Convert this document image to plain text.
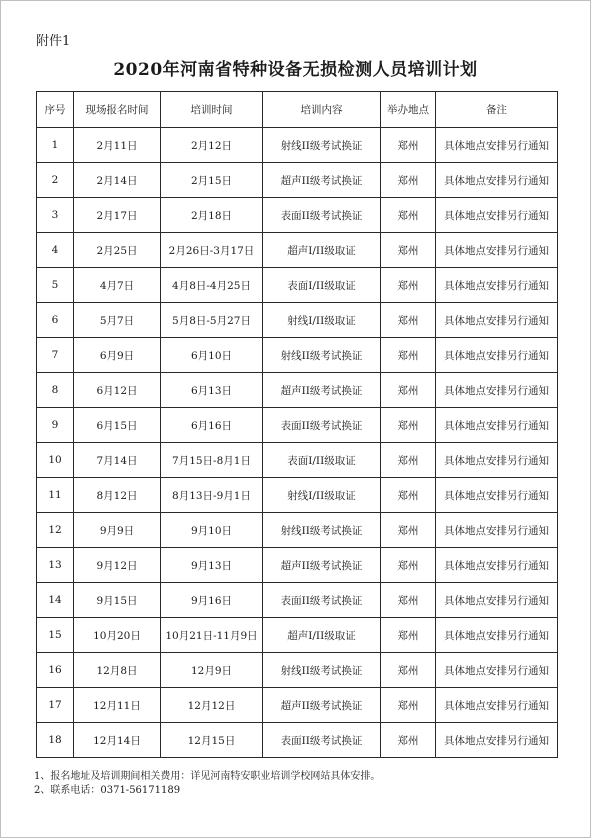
附件1
2020年河南省特种设备无损检测人员培训计划
序号	现场报名时间	培训时间	培训内容	举办地点	备注
1	2月11日	2月12日	射线II级考试换证	郑州	具体地点安排另行通知
2	2月14日	2月15日	超声II级考试换证	郑州	具体地点安排另行通知
3	2月17日	2月18日	表面II级考试换证	郑州	具体地点安排另行通知
4	2月25日	2月26日-3月17日	超声I/II级取证	郑州	具体地点安排另行通知
5	4月7日	4月8日-4月25日	表面I/II级取证	郑州	具体地点安排另行通知
6	5月7日	5月8日-5月27日	射线I/II级取证	郑州	具体地点安排另行通知
7	6月9日	6月10日	射线II级考试换证	郑州	具体地点安排另行通知
8	6月12日	6月13日	超声II级考试换证	郑州	具体地点安排另行通知
9	6月15日	6月16日	表面II级考试换证	郑州	具体地点安排另行通知
10	7月14日	7月15日-8月1日	表面I/II级取证	郑州	具体地点安排另行通知
11	8月12日	8月13日-9月1日	射线I/II级取证	郑州	具体地点安排另行通知
12	9月9日	9月10日	射线II级考试换证	郑州	具体地点安排另行通知
13	9月12日	9月13日	超声II级考试换证	郑州	具体地点安排另行通知
14	9月15日	9月16日	表面II级考试换证	郑州	具体地点安排另行通知
15	10月20日	10月21日-11月9日	超声I/II级取证	郑州	具体地点安排另行通知
16	12月8日	12月9日	射线II级考试换证	郑州	具体地点安排另行通知
17	12月11日	12月12日	超声II级考试换证	郑州	具体地点安排另行通知
18	12月14日	12月15日	表面II级考试换证	郑州	具体地点安排另行通知
1、报名地址及培训期间相关费用：详见河南特安职业培训学校网站具体安排。
2、联系电话：0371-56171189
